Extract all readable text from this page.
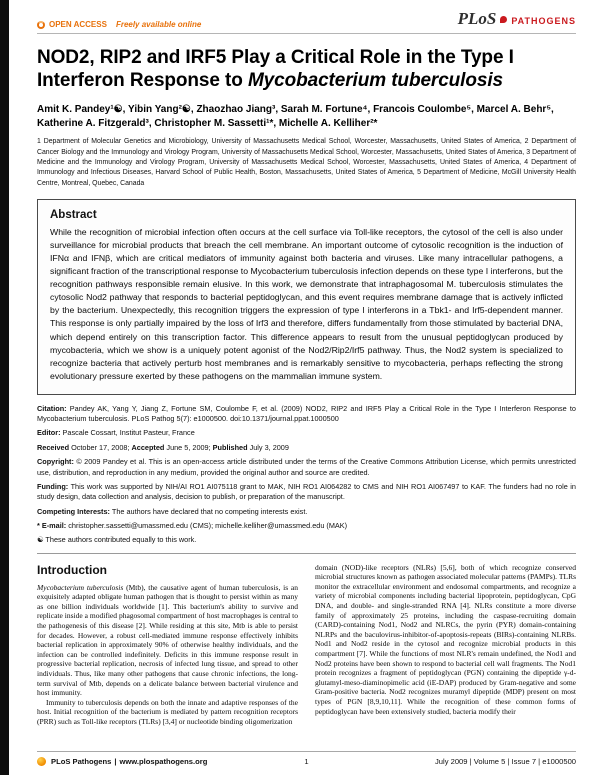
OPEN ACCESS Freely available online	PLoS PATHOGENS
NOD2, RIP2 and IRF5 Play a Critical Role in the Type I Interferon Response to Mycobacterium tuberculosis

Amit K. Pandey¹☯, Yibin Yang²☯, Zhaozhao Jiang³, Sarah M. Fortune⁴, Francois Coulombe⁵, Marcel A. Behr⁵, Katherine A. Fitzgerald³, Christopher M. Sassetti¹*, Michelle A. Kelliher²*

1 Department of Molecular Genetics and Microbiology, University of Massachusetts Medical School, Worcester, Massachusetts, United States of America, 2 Department of Cancer Biology and the Immunology and Virology Program, University of Massachusetts Medical School, Worcester, Massachusetts, United States of America, 3 Department of Medicine and the Immunology and Virology Program, University of Massachusetts Medical School, Worcester, Massachusetts, United States of America, 4 Department of Immunology and Infectious Diseases, Harvard School of Public Health, Boston, Massachusetts, United States of America, 5 Department of Medicine, McGill University Health Centre, Montreal, Quebec, Canada

Abstract

While the recognition of microbial infection often occurs at the cell surface via Toll-like receptors, the cytosol of the cell is also under surveillance for microbial products that breach the cell membrane. An important outcome of cytosolic recognition is the induction of IFNα and IFNβ, which are critical mediators of immunity against both bacteria and viruses. Like many intracellular pathogens, a significant fraction of the transcriptional response to Mycobacterium tuberculosis infection depends on these type I interferons, but the recognition pathways responsible remain elusive. In this work, we demonstrate that intraphagosomal M. tuberculosis stimulates the cytosolic Nod2 pathway that responds to bacterial peptidoglycan, and this event requires membrane damage that is actively inflicted by the bacterium. Unexpectedly, this recognition triggers the expression of type I interferons in a Tbk1- and Irf5-dependent manner. This response is only partially impaired by the loss of Irf3 and therefore, differs fundamentally from those stimulated by bacterial DNA, which depend entirely on this transcription factor. This difference appears to result from the unusual peptidoglycan produced by mycobacteria, which we show is a uniquely potent agonist of the Nod2/Rip2/Irf5 pathway. Thus, the Nod2 system is specialized to recognize bacteria that actively perturb host membranes and is remarkably sensitive to mycobacteria, perhaps reflecting the strong evolutionary pressure exerted by these pathogens on the mammalian immune system.

Citation: Pandey AK, Yang Y, Jiang Z, Fortune SM, Coulombe F, et al. (2009) NOD2, RIP2 and IRF5 Play a Critical Role in the Type I Interferon Response to Mycobacterium tuberculosis. PLoS Pathog 5(7): e1000500. doi:10.1371/journal.ppat.1000500

Editor: Pascale Cossart, Institut Pasteur, France

Received October 17, 2008; Accepted June 5, 2009; Published July 3, 2009

Copyright: © 2009 Pandey et al. This is an open-access article distributed under the terms of the Creative Commons Attribution License, which permits unrestricted use, distribution, and reproduction in any medium, provided the original author and source are credited.

Funding: This work was supported by NIH/AI RO1 AI075118 grant to MAK, NIH RO1 AI064282 to CMS and NIH RO1 AI067497 to KAF. The funders had no role in study design, data collection and analysis, decision to publish, or preparation of the manuscript.

Competing Interests: The authors have declared that no competing interests exist.

* E-mail: christopher.sassetti@umassmed.edu (CMS); michelle.kelliher@umassmed.edu (MAK)

☯ These authors contributed equally to this work.

Introduction

Mycobacterium tuberculosis (Mtb), the causative agent of human tuberculosis, is an exquisitely adapted obligate human pathogen that is thought to persist within as many as one billion individuals worldwide [1]. This bacterium's ability to survive and replicate inside a modified phagosomal compartment of host macrophages is central to the pathogenesis of this disease [2]. While residing at this site, Mtb is able to persist for decades. However, a robust cell-mediated immune response effectively inhibits bacterial replication in approximately 90% of otherwise healthy individuals, and the infection can be controlled indefinitely. Deficits in this immune response result in progressive bacterial replication, necrosis of infected lung tissue, and spread to other individuals. Thus, like many other pathogens that cause chronic infections, the long-term survival of Mtb, depends on a delicate balance between bacterial virulence and host immunity.

Immunity to tuberculosis depends on both the innate and adaptive responses of the host. Initial recognition of the bacterium is mediated by pattern recognition receptors (PRR) such as Toll-like receptors (TLRs) [3,4] or nucleotide binding oligomerization

domain (NOD)-like receptors (NLRs) [5,6], both of which recognize conserved microbial structures known as pathogen associated molecular patterns (PAMPs). TLRs monitor the extracellular environment and endosomal compartments, and recognize a variety of microbial components including bacterial lipoprotein, peptidoglycan, CpG DNA, and double- and single-stranded RNA [4]. NLRs constitute a more diverse family of approximately 25 proteins, including the caspase-recruiting domain (CARD)-containing Nod1, Nod2 and NLRCs, the pyrin (PYR) domain-containing NLRPs and the baculovirus-inhibitor-of-apoptosis-repeats (BIRs)-containing NLRBs. Nod1 and Nod2 reside in the cytosol and recognize microbial products in this compartment [7]. While the functions of most NLR's remain undefined, the Nod1 and Nod2 proteins have been shown to respond to bacterial cell wall fragments. The Nod1 protein recognizes a fragment of peptidoglycan (PGN) containing the dipeptide γ-d-glutamyl-meso-diaminopimelic acid (iE-DAP) produced by Gram-negative and some Gram-positive bacteria. Nod2 recognizes muramyl dipeptide (MDP) present on most types of PGN [8,9,10,11]. While the recognition of these common forms of peptidoglycan have been extensively studied, bacteria modify their

PLoS Pathogens | www.plospathogens.org	1	July 2009 | Volume 5 | Issue 7 | e1000500
